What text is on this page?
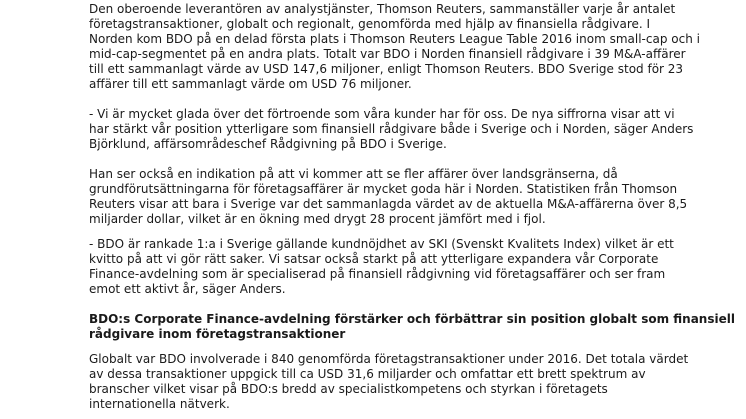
Den oberoende leverantören av analystjänster, Thomson Reuters, sammanställer varje år antalet
företagstransaktioner, globalt och regionalt, genomförda med hjälp av finansiella rådgivare. I
Norden kom BDO på en delad första plats i Thomson Reuters League Table 2016 inom small-cap och i
mid-cap-segmentet på en andra plats. Totalt var BDO i Norden finansiell rådgivare i 39 M&A-affärer
till ett sammanlagt värde av USD 147,6 miljoner, enligt Thomson Reuters. BDO Sverige stod för 23
affärer till ett sammanlagt värde om USD 76 miljoner.

- Vi är mycket glada över det förtroende som våra kunder har för oss. De nya siffrorna visar att vi
har stärkt vår position ytterligare som finansiell rådgivare både i Sverige och i Norden, säger Anders
Björklund, affärsområdeschef Rådgivning på BDO i Sverige.

Han ser också en indikation på att vi kommer att se fler affärer över landsgränserna, då
grundförutsättningarna för företagsaffärer är mycket goda här i Norden. Statistiken från Thomson
Reuters visar att bara i Sverige var det sammanlagda värdet av de aktuella M&A-affärerna över 8,5
miljarder dollar, vilket är en ökning med drygt 28 procent jämfört med i fjol.

- BDO är rankade 1:a i Sverige gällande kundnöjdhet av SKI (Svenskt Kvalitets Index) vilket är ett
kvitto på att vi gör rätt saker. Vi satsar också starkt på att ytterligare expandera vår Corporate
Finance-avdelning som är specialiserad på finansiell rådgivning vid företagsaffärer och ser fram
emot ett aktivt år, säger Anders.

BDO:s Corporate Finance-avdelning förstärker och förbättrar sin position globalt som finansiell
rådgivare inom företagstransaktioner

Globalt var BDO involverade i 840 genomförda företagstransaktioner under 2016. Det totala värdet
av dessa transaktioner uppgick till ca USD 31,6 miljarder och omfattar ett brett spektrum av
branscher vilket visar på BDO:s bredd av specialistkompetens och styrkan i företagets
internationella nätverk.
